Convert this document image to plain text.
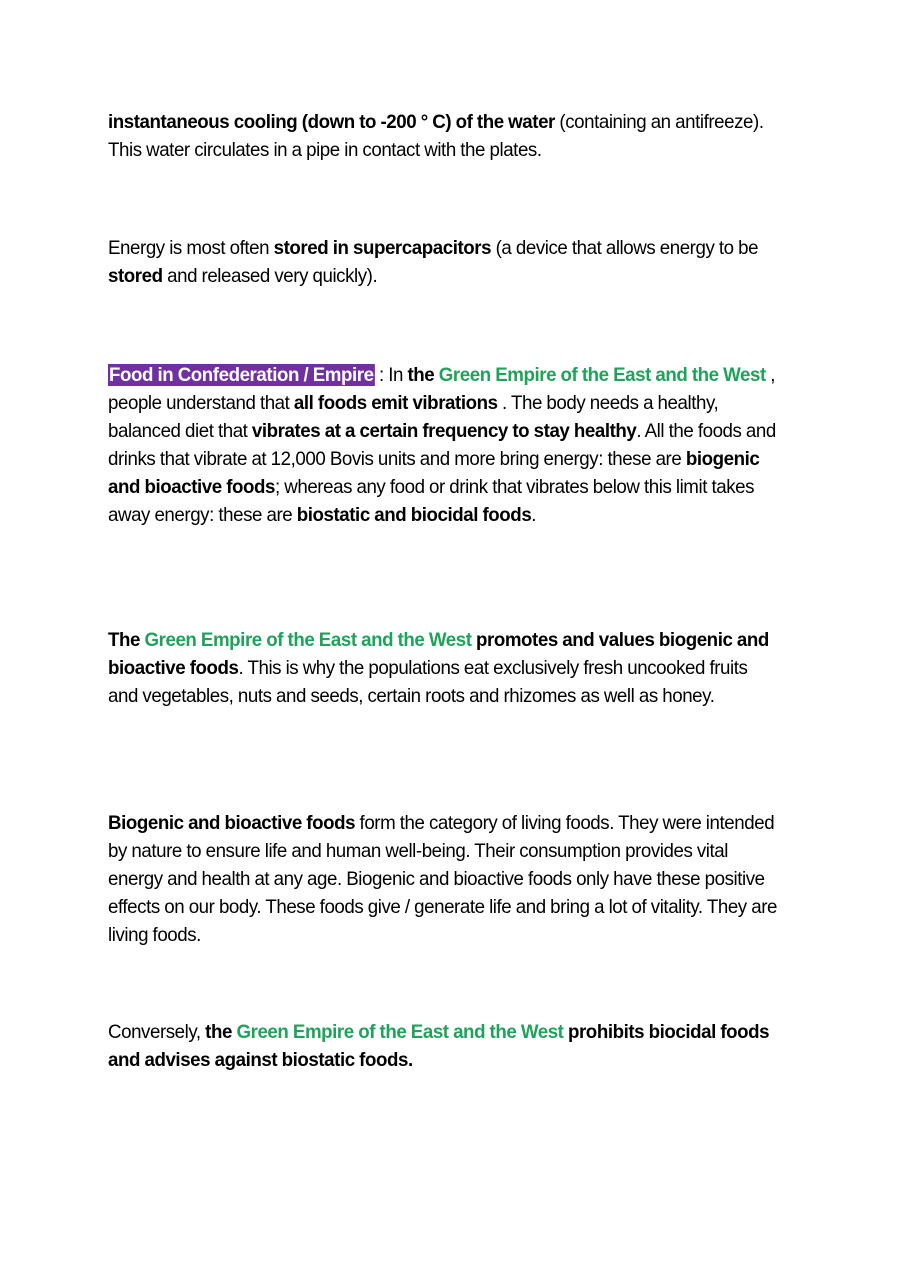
instantaneous cooling (down to -200 ° C) of the water (containing an antifreeze). This water circulates in a pipe in contact with the plates.

Energy is most often stored in supercapacitors (a device that allows energy to be stored and released very quickly).

Food in Confederation / Empire : In the Green Empire of the East and the West , people understand that all foods emit vibrations . The body needs a healthy, balanced diet that vibrates at a certain frequency to stay healthy. All the foods and drinks that vibrate at 12,000 Bovis units and more bring energy: these are biogenic and bioactive foods; whereas any food or drink that vibrates below this limit takes away energy: these are biostatic and biocidal foods.

The Green Empire of the East and the West promotes and values biogenic and bioactive foods. This is why the populations eat exclusively fresh uncooked fruits and vegetables, nuts and seeds, certain roots and rhizomes as well as honey.

Biogenic and bioactive foods form the category of living foods. They were intended by nature to ensure life and human well-being. Their consumption provides vital energy and health at any age. Biogenic and bioactive foods only have these positive effects on our body. These foods give / generate life and bring a lot of vitality. They are living foods.

Conversely, the Green Empire of the East and the West prohibits biocidal foods and advises against biostatic foods.
